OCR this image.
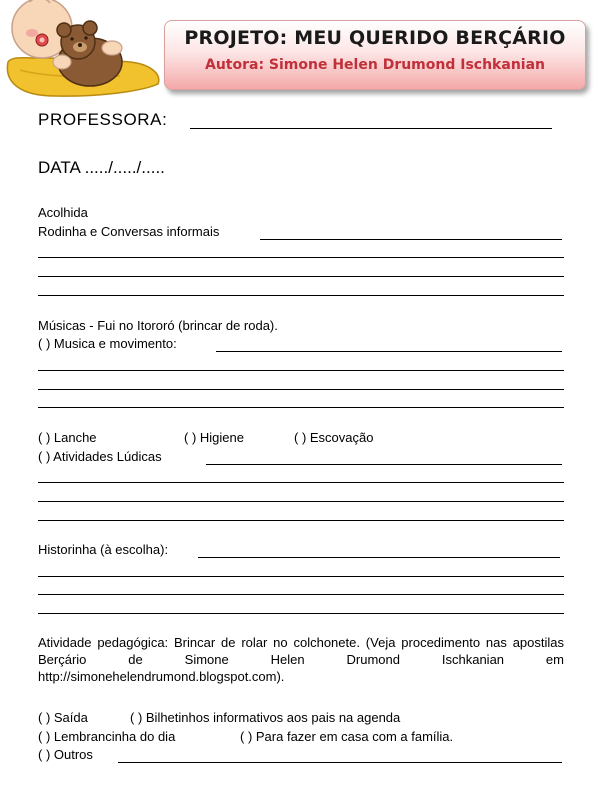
PROJETO: MEU QUERIDO BERÇÁRIO
Autora: Simone Helen Drumond Ischkanian
PROFESSORA:
DATA ...../...../.....
Acolhida
Rodinha e Conversas informais
Músicas - Fui no Itororó (brincar de roda).
( ) Musica e movimento:
( ) Lanche	( ) Higiene	( ) Escovação
( ) Atividades Lúdicas
Historinha (à escolha):
Atividade pedagógica: Brincar de rolar no colchonete. (Veja procedimento nas apostilas Berçário de Simone Helen Drumond Ischkanian em http://simonehelendrumond.blogspot.com).
( ) Saída	( ) Bilhetinhos informativos aos pais na agenda
( ) Lembrancinha do dia	( ) Para fazer em casa com a família.
( ) Outros
